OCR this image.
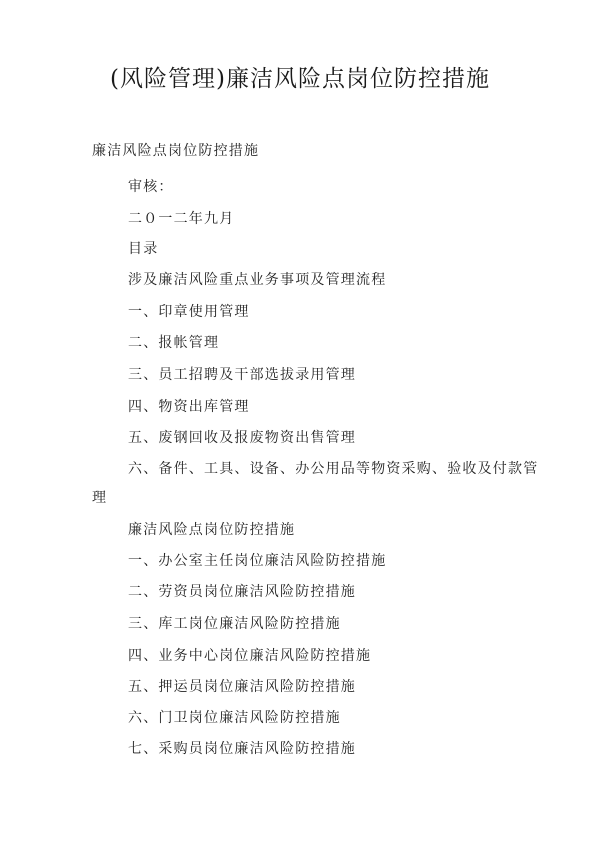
(风险管理)廉洁风险点岗位防控措施
廉洁风险点岗位防控措施
审核：
二０一二年九月
目录
涉及廉洁风险重点业务事项及管理流程
一、印章使用管理
二、报帐管理
三、员工招聘及干部选拔录用管理
四、物资出库管理
五、废钢回收及报废物资出售管理
六、备件、工具、设备、办公用品等物资采购、验收及付款管
理
廉洁风险点岗位防控措施
一、办公室主任岗位廉洁风险防控措施
二、劳资员岗位廉洁风险防控措施
三、库工岗位廉洁风险防控措施
四、业务中心岗位廉洁风险防控措施
五、押运员岗位廉洁风险防控措施
六、门卫岗位廉洁风险防控措施
七、采购员岗位廉洁风险防控措施
